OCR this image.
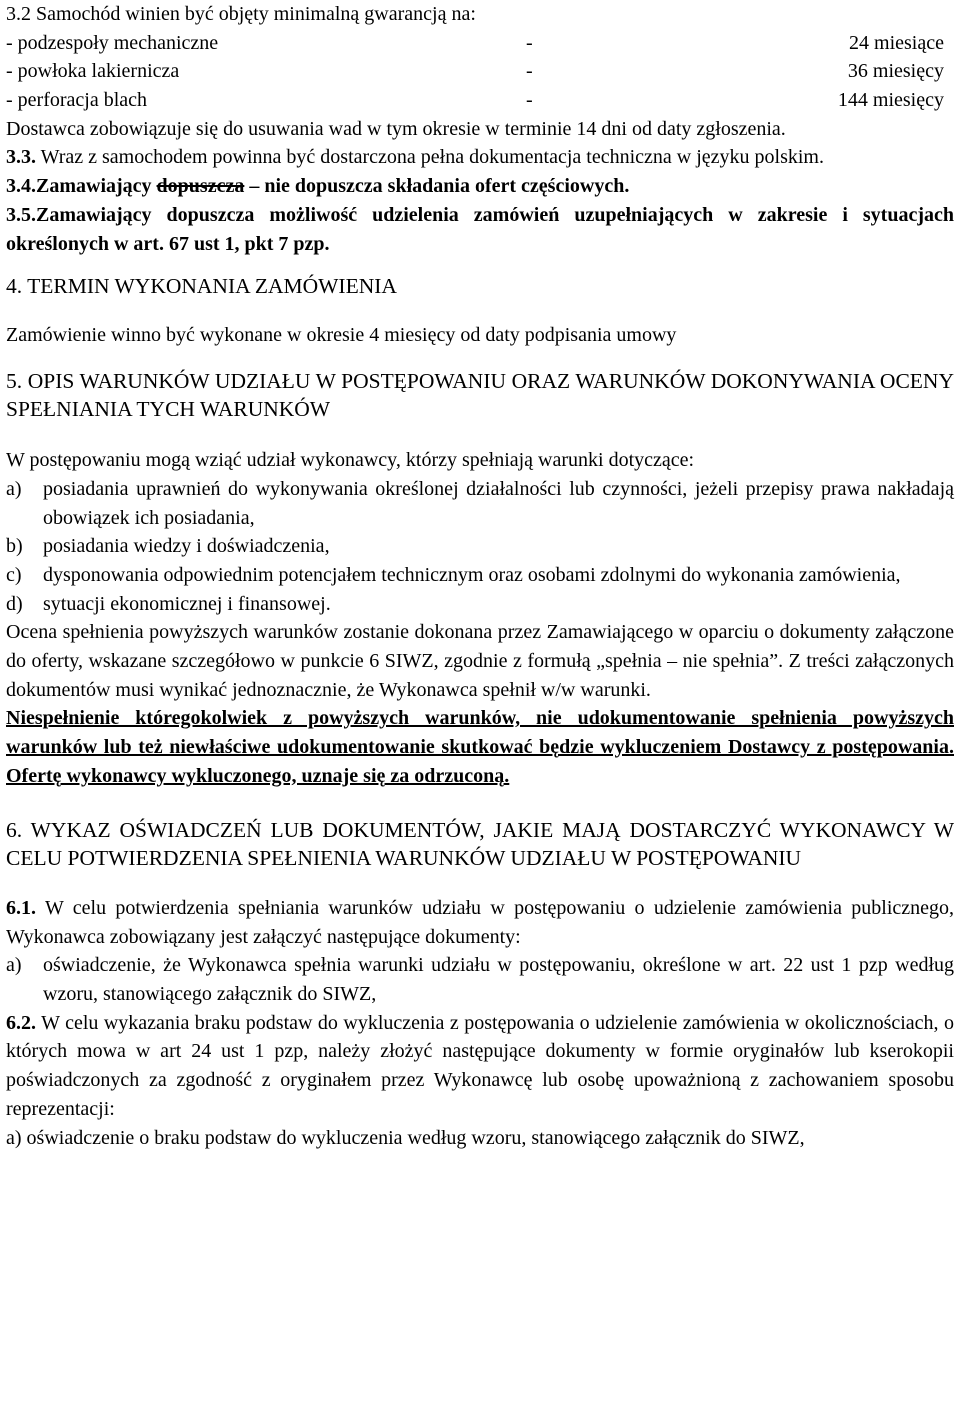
3.2 Samochód winien być objęty minimalną gwarancją na:

- podzespoły mechaniczne	-	24 miesiące
- powłoka lakiernicza	-	36 miesięcy
- perforacja blach	-	144 miesięcy

Dostawca zobowiązuje się do usuwania wad w tym okresie w terminie 14 dni od daty zgłoszenia.

3.3. Wraz z samochodem powinna być dostarczona pełna dokumentacja techniczna w języku polskim.

3.4.Zamawiający dopuszcza – nie dopuszcza składania ofert częściowych.

3.5.Zamawiający dopuszcza możliwość udzielenia zamówień uzupełniających w zakresie i sytuacjach określonych w art. 67 ust 1, pkt 7 pzp.

4. TERMIN WYKONANIA ZAMÓWIENIA

Zamówienie winno być wykonane w okresie 4 miesięcy od daty podpisania umowy

5. OPIS WARUNKÓW UDZIAŁU W POSTĘPOWANIU ORAZ WARUNKÓW DOKONYWANIA OCENY SPEŁNIANIA TYCH WARUNKÓW

W postępowaniu mogą wziąć udział wykonawcy, którzy spełniają warunki dotyczące:

a)	posiadania uprawnień do wykonywania określonej działalności lub czynności, jeżeli przepisy prawa nakładają obowiązek ich posiadania,
b)	posiadania wiedzy i doświadczenia,
c)	dysponowania odpowiednim potencjałem technicznym oraz osobami zdolnymi do wykonania zamówienia,
d)	sytuacji ekonomicznej i finansowej.

Ocena spełnienia powyższych warunków zostanie dokonana przez Zamawiającego w oparciu o dokumenty załączone do oferty, wskazane szczegółowo w punkcie 6 SIWZ, zgodnie z formułą „spełnia – nie spełnia”. Z treści załączonych dokumentów musi wynikać jednoznacznie, że Wykonawca spełnił w/w warunki.

Niespełnienie któregokolwiek z powyższych warunków, nie udokumentowanie spełnienia powyższych warunków lub też niewłaściwe udokumentowanie skutkować będzie wykluczeniem Dostawcy z postępowania. Ofertę wykonawcy wykluczonego, uznaje się za odrzuconą.

6. WYKAZ OŚWIADCZEŃ LUB DOKUMENTÓW, JAKIE MAJĄ DOSTARCZYĆ WYKONAWCY W CELU POTWIERDZENIA SPEŁNIENIA WARUNKÓW UDZIAŁU W POSTĘPOWANIU

6.1. W celu potwierdzenia spełniania warunków udziału w postępowaniu o udzielenie zamówienia publicznego, Wykonawca zobowiązany jest załączyć następujące dokumenty:

a)	oświadczenie, że Wykonawca spełnia warunki udziału w postępowaniu, określone w art. 22 ust 1 pzp według wzoru, stanowiącego załącznik do SIWZ,

6.2. W celu wykazania braku podstaw do wykluczenia z postępowania o udzielenie zamówienia w okolicznościach, o których mowa w art 24 ust 1 pzp, należy złożyć następujące dokumenty w formie oryginałów lub kserokopii poświadczonych za zgodność z oryginałem przez Wykonawcę lub osobę upoważnioną z zachowaniem sposobu reprezentacji:

a) oświadczenie o braku podstaw do wykluczenia według wzoru, stanowiącego załącznik do SIWZ,
